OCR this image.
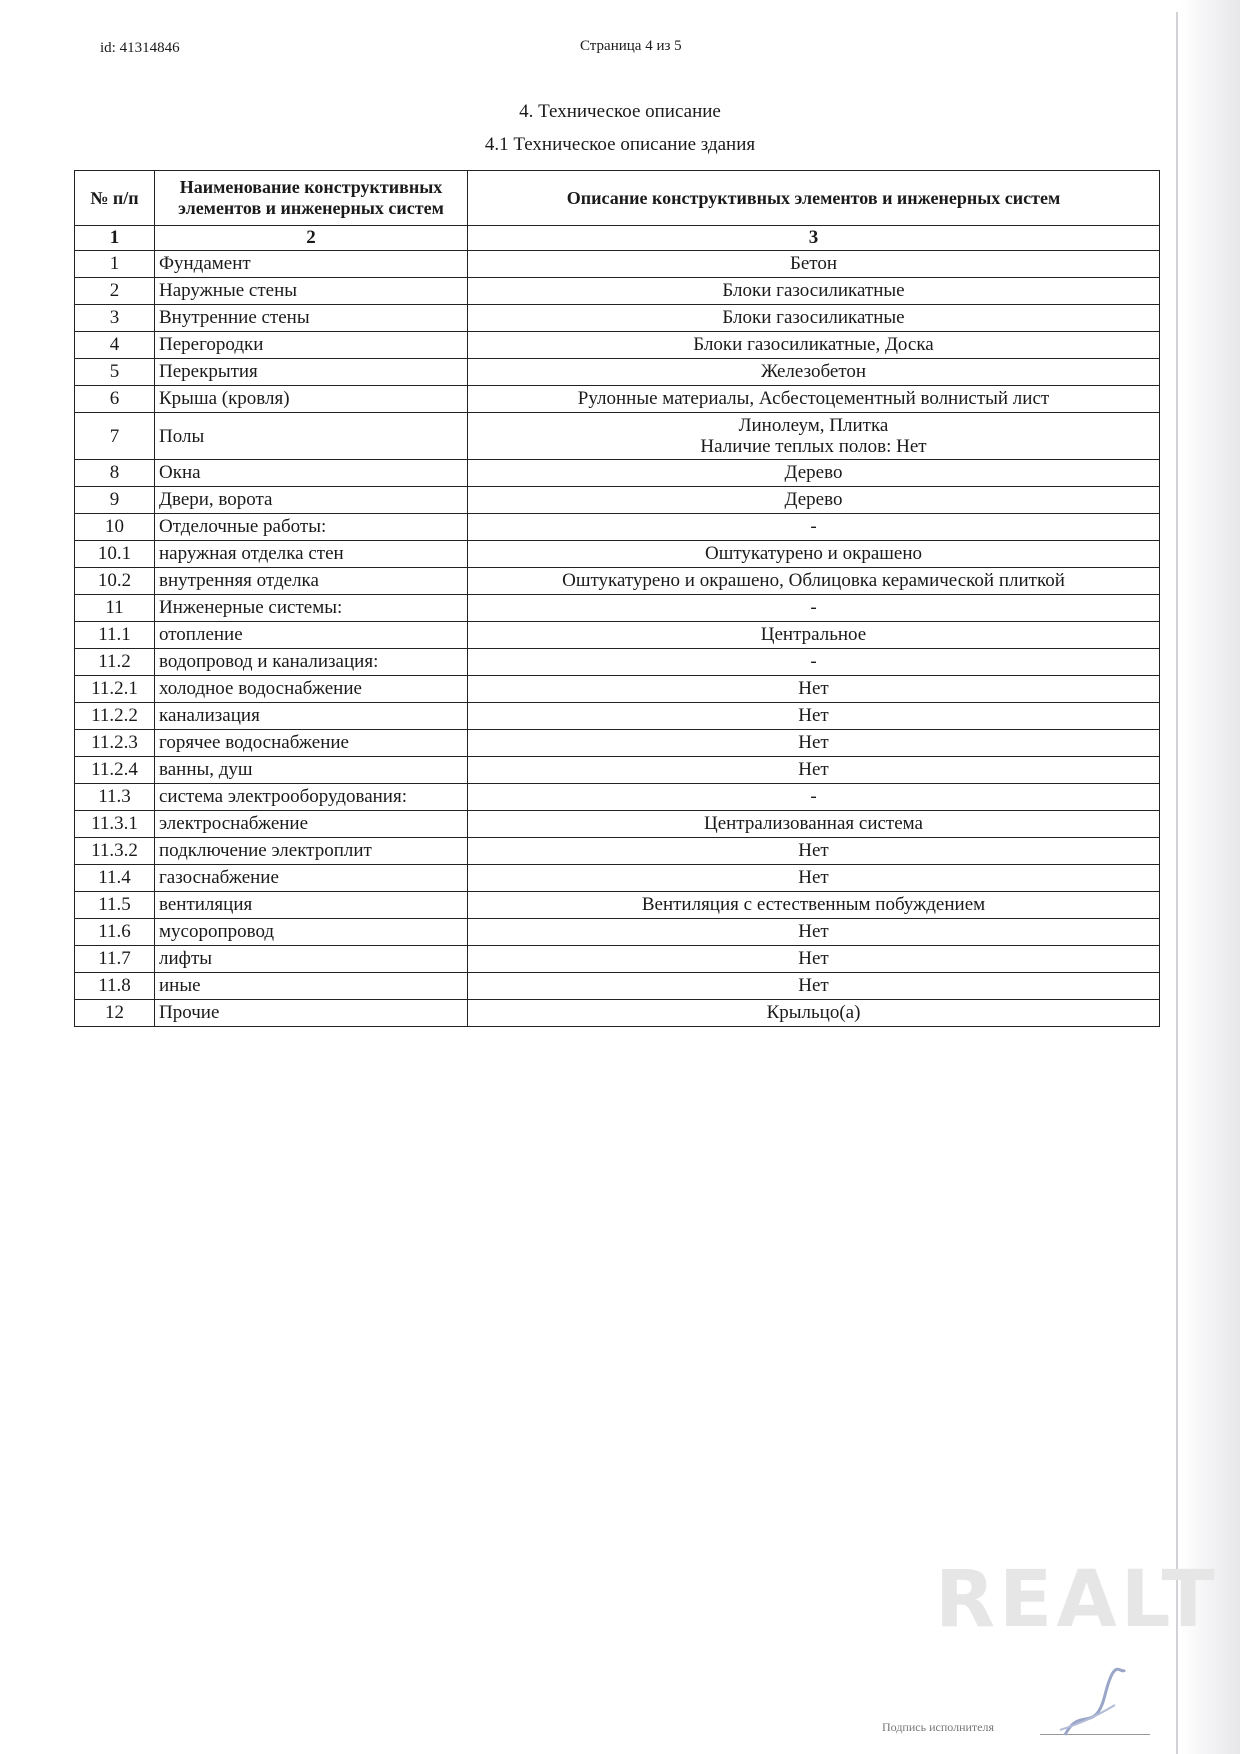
id: 41314846	Страница 4 из 5
4. Техническое описание
4.1 Техническое описание здания
№ п/п	Наименование конструктивных элементов и инженерных систем	Описание конструктивных элементов и инженерных систем
1	2	3
1	Фундамент	Бетон

2	Наружные стены	Блоки газосиликатные

3	Внутренние стены	Блоки газосиликатные

4	Перегородки	Блоки газосиликатные, Доска

5	Перекрытия	Железобетон

6	Крыша (кровля)	Рулонные материалы, Асбестоцементный волнистый лист

7	Полы	Линолеум, Плитка
Наличие теплых полов: Нет

8	Окна	Дерево

9	Двери, ворота	Дерево

10	Отделочные работы:	-

10.1	наружная отделка стен	Оштукатурено и окрашено

10.2	внутренняя отделка	Оштукатурено и окрашено, Облицовка керамической плиткой

11	Инженерные системы:	-

11.1	отопление	Центральное

11.2	водопровод и канализация:	-

11.2.1	холодное водоснабжение	Нет

11.2.2	канализация	Нет

11.2.3	горячее водоснабжение	Нет

11.2.4	ванны, душ	Нет

11.3	система электрооборудования:	-

11.3.1	электроснабжение	Централизованная система

11.3.2	подключение электроплит	Нет

11.4	газоснабжение	Нет

11.5	вентиляция	Вентиляция с естественным побуждением

11.6	мусоропровод	Нет

11.7	лифты	Нет

11.8	иные	Нет

12	Прочие	Крыльцо(а)
REALT
Подпись исполнителя
